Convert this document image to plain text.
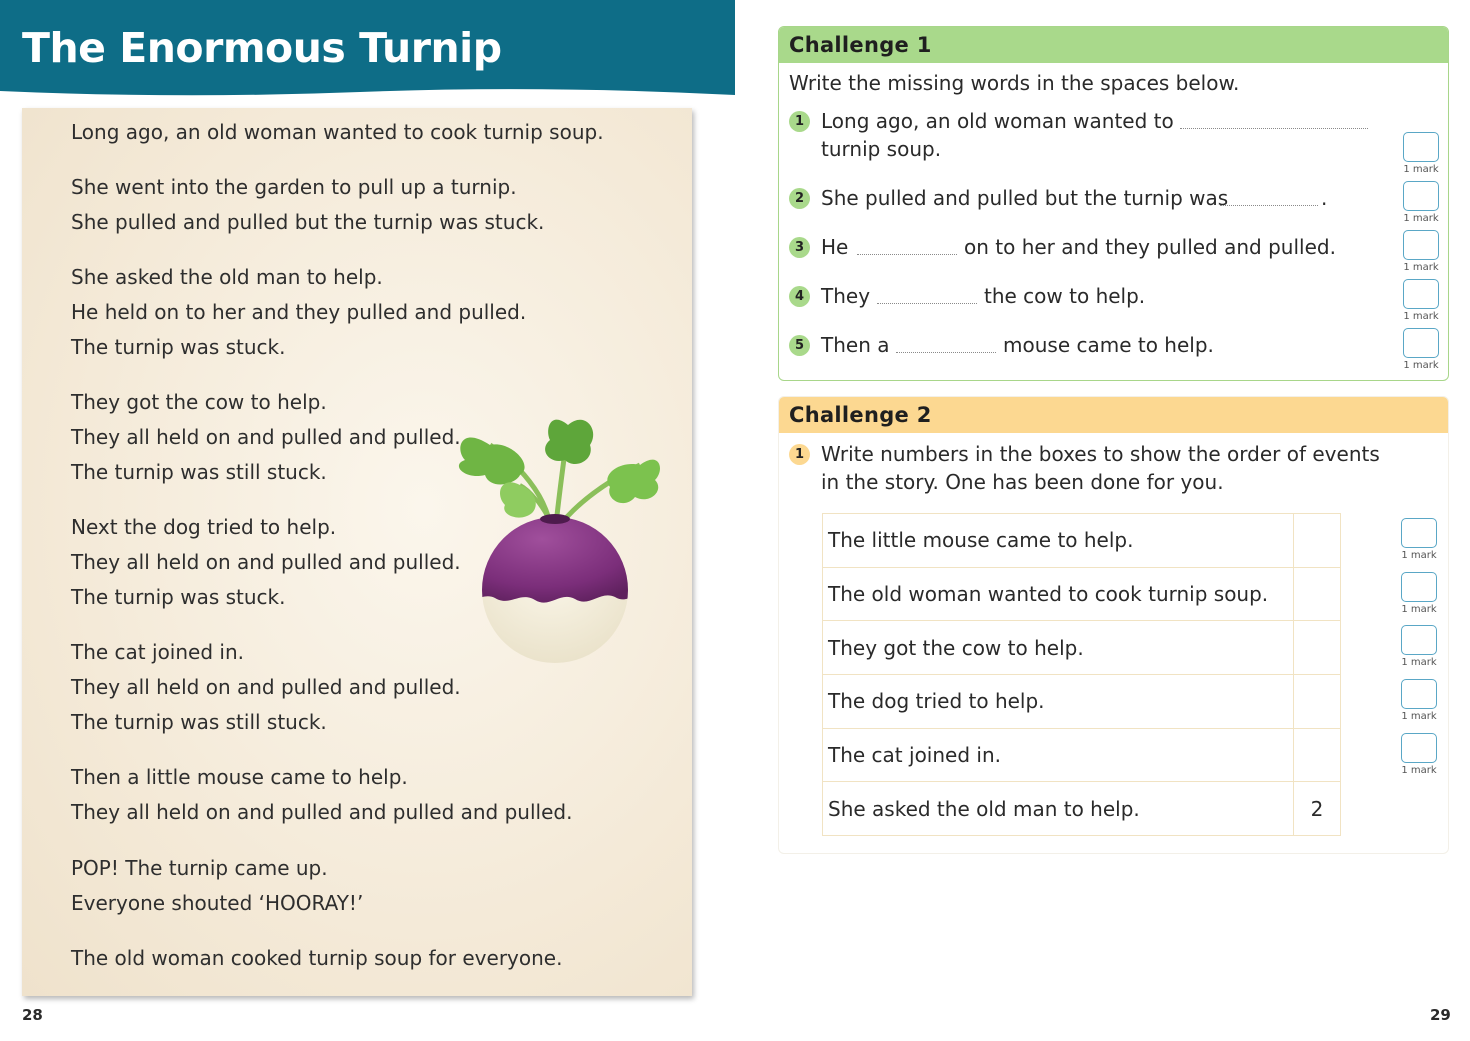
The Enormous Turnip
Long ago, an old woman wanted to cook turnip soup.
She went into the garden to pull up a turnip.
She pulled and pulled but the turnip was stuck.
She asked the old man to help.
He held on to her and they pulled and pulled.
The turnip was stuck.
They got the cow to help.
They all held on and pulled and pulled.
The turnip was still stuck.
Next the dog tried to help.
They all held on and pulled and pulled.
The turnip was stuck.
The cat joined in.
They all held on and pulled and pulled.
The turnip was still stuck.
Then a little mouse came to help.
They all held on and pulled and pulled and pulled.
POP! The turnip came up.
Everyone shouted ‘HOORAY!’
The old woman cooked turnip soup for everyone.
28
Challenge 1
Write the missing words in the spaces below.
1 Long ago, an old woman wanted to
turnip soup.
2 She pulled and pulled but the turnip was	.
3 He	on to her and they pulled and pulled.
4 They	the cow to help.
5 Then a	mouse came to help.
1 mark
1 mark
1 mark
1 mark
1 mark
Challenge 2
1 Write numbers in the boxes to show the order of events
in the story. One has been done for you.
The little mouse came to help.	
The old woman wanted to cook turnip soup.	
They got the cow to help.	
The dog tried to help.	
The cat joined in.	
She asked the old man to help.	2
1 mark
1 mark
1 mark
1 mark
1 mark
29
